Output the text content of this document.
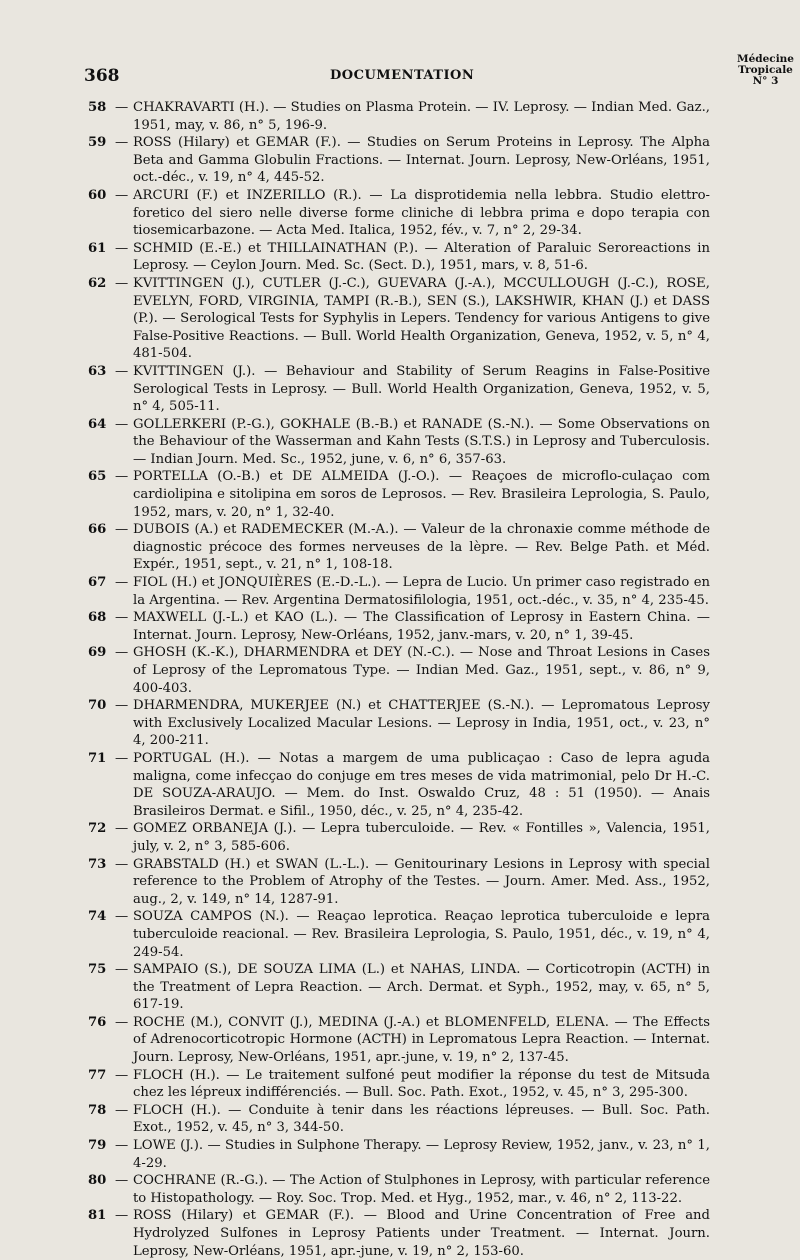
368	DOCUMENTATION
Médecine
Tropicale
N° 3
58 — CHAKRAVARTI (H.). — Studies on Plasma Protein. — IV. Leprosy. — Indian Med. Gaz., 1951, may, v. 86, n° 5, 196-9.
59 — ROSS (Hilary) et GEMAR (F.). — Studies on Serum Proteins in Leprosy. The Alpha Beta and Gamma Globulin Fractions. — Internat. Journ. Leprosy, New-Orléans, 1951, oct.-déc., v. 19, n° 4, 445-52.
60 — ARCURI (F.) et INZERILLO (R.). — La disprotidemia nella lebbra. Studio elettro-foretico del siero nelle diverse forme cliniche di lebbra prima e dopo terapia con tiosemicarbazone. — Acta Med. Italica, 1952, fév., v. 7, n° 2, 29-34.
61 — SCHMID (E.-E.) et THILLAINATHAN (P.). — Alteration of Paraluic Seroreactions in Leprosy. — Ceylon Journ. Med. Sc. (Sect. D.), 1951, mars, v. 8, 51-6.
62 — KVITTINGEN (J.), CUTLER (J.-C.), GUEVARA (J.-A.), MCCULLOUGH (J.-C.), ROSE, EVELYN, FORD, VIRGINIA, TAMPI (R.-B.), SEN (S.), LAKSHWIR, KHAN (J.) et DASS (P.). — Serological Tests for Syphylis in Lepers. Tendency for various Antigens to give False-Positive Reactions. — Bull. World Health Organization, Geneva, 1952, v. 5, n° 4, 481-504.
63 — KVITTINGEN (J.). — Behaviour and Stability of Serum Reagins in False-Positive Serological Tests in Leprosy. — Bull. World Health Organization, Geneva, 1952, v. 5, n° 4, 505-11.
64 — GOLLERKERI (P.-G.), GOKHALE (B.-B.) et RANADE (S.-N.). — Some Observations on the Behaviour of the Wasserman and Kahn Tests (S.T.S.) in Leprosy and Tuberculosis. — Indian Journ. Med. Sc., 1952, june, v. 6, n° 6, 357-63.
65 — PORTELLA (O.-B.) et DE ALMEIDA (J.-O.). — Reaçoes de microflo-culaçao com cardiolipina e sitolipina em soros de Leprosos. — Rev. Brasileira Leprologia, S. Paulo, 1952, mars, v. 20, n° 1, 32-40.
66 — DUBOIS (A.) et RADEMECKER (M.-A.). — Valeur de la chronaxie comme méthode de diagnostic précoce des formes nerveuses de la lèpre. — Rev. Belge Path. et Méd. Expér., 1951, sept., v. 21, n° 1, 108-18.
67 — FIOL (H.) et JONQUIÈRES (E.-D.-L.). — Lepra de Lucio. Un primer caso registrado en la Argentina. — Rev. Argentina Dermatosifilologia, 1951, oct.-déc., v. 35, n° 4, 235-45.
68 — MAXWELL (J.-L.) et KAO (L.). — The Classification of Leprosy in Eastern China. — Internat. Journ. Leprosy, New-Orléans, 1952, janv.-mars, v. 20, n° 1, 39-45.
69 — GHOSH (K.-K.), DHARMENDRA et DEY (N.-C.). — Nose and Throat Lesions in Cases of Leprosy of the Lepromatous Type. — Indian Med. Gaz., 1951, sept., v. 86, n° 9, 400-403.
70 — DHARMENDRA, MUKERJEE (N.) et CHATTERJEE (S.-N.). — Lepromatous Leprosy with Exclusively Localized Macular Lesions. — Leprosy in India, 1951, oct., v. 23, n° 4, 200-211.
71 — PORTUGAL (H.). — Notas a margem de uma publicaçao : Caso de lepra aguda maligna, come infecçao do conjuge em tres meses de vida matrimonial, pelo Dr H.-C. DE SOUZA-ARAUJO. — Mem. do Inst. Oswaldo Cruz, 48 : 51 (1950). — Anais Brasileiros Dermat. e Sifil., 1950, déc., v. 25, n° 4, 235-42.
72 — GOMEZ ORBANEJA (J.). — Lepra tuberculoide. — Rev. « Fontilles », Valencia, 1951, july, v. 2, n° 3, 585-606.
73 — GRABSTALD (H.) et SWAN (L.-L.). — Genitourinary Lesions in Leprosy with special reference to the Problem of Atrophy of the Testes. — Journ. Amer. Med. Ass., 1952, aug., 2, v. 149, n° 14, 1287-91.
74 — SOUZA CAMPOS (N.). — Reaçao leprotica. Reaçao leprotica tuberculoide e lepra tuberculoide reacional. — Rev. Brasileira Leprologia, S. Paulo, 1951, déc., v. 19, n° 4, 249-54.
75 — SAMPAIO (S.), DE SOUZA LIMA (L.) et NAHAS, LINDA. — Corticotropin (ACTH) in the Treatment of Lepra Reaction. — Arch. Dermat. et Syph., 1952, may, v. 65, n° 5, 617-19.
76 — ROCHE (M.), CONVIT (J.), MEDINA (J.-A.) et BLOMENFELD, ELENA. — The Effects of Adrenocorticotropic Hormone (ACTH) in Lepromatous Lepra Reaction. — Internat. Journ. Leprosy, New-Orléans, 1951, apr.-june, v. 19, n° 2, 137-45.
77 — FLOCH (H.). — Le traitement sulfoné peut modifier la réponse du test de Mitsuda chez les lépreux indifférenciés. — Bull. Soc. Path. Exot., 1952, v. 45, n° 3, 295-300.
78 — FLOCH (H.). — Conduite à tenir dans les réactions lépreuses. — Bull. Soc. Path. Exot., 1952, v. 45, n° 3, 344-50.
79 — LOWE (J.). — Studies in Sulphone Therapy. — Leprosy Review, 1952, janv., v. 23, n° 1, 4-29.
80 — COCHRANE (R.-G.). — The Action of Stulphones in Leprosy, with particular reference to Histopathology. — Roy. Soc. Trop. Med. et Hyg., 1952, mar., v. 46, n° 2, 113-22.
81 — ROSS (Hilary) et GEMAR (F.). — Blood and Urine Concentration of Free and Hydrolyzed Sulfones in Leprosy Patients under Treatment. — Internat. Journ. Leprosy, New-Orléans, 1951, apr.-june, v. 19, n° 2, 153-60.
